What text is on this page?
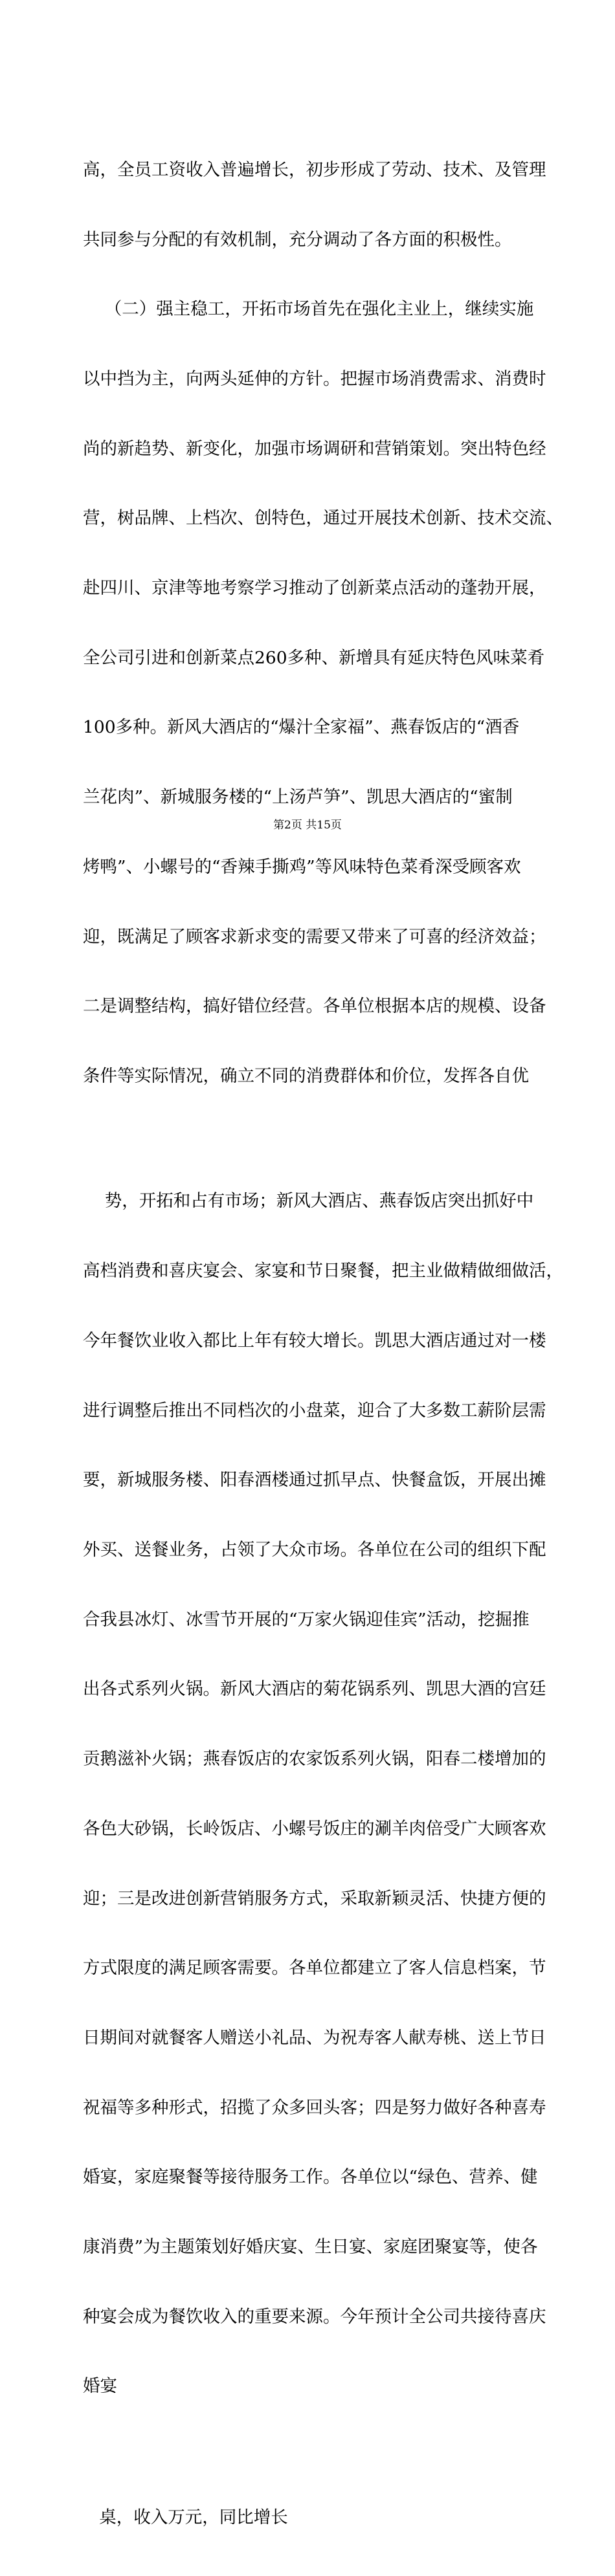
高，全员工资收入普遍增长，初步形成了劳动、技术、及管理

共同参与分配的有效机制，充分调动了各方面的积极性。

（二）强主稳工，开拓市场首先在强化主业上，继续实施

以中挡为主，向两头延伸的方针。把握市场消费需求、消费时

尚的新趋势、新变化，加强市场调研和营销策划。突出特色经

营，树品牌、上档次、创特色，通过开展技术创新、技术交流、

赴四川、京津等地考察学习推动了创新菜点活动的蓬勃开展，

全公司引进和创新菜点260多种、新增具有延庆特色风味菜肴

100多种。新风大酒店的“爆汁全家福”、燕春饭店的“酒香

兰花肉”、新城服务楼的“上汤芦笋”、凯思大酒店的“蜜制

烤鸭”、小螺号的“香辣手撕鸡”等风味特色菜肴深受顾客欢

迎，既满足了顾客求新求变的需要又带来了可喜的经济效益；

二是调整结构，搞好错位经营。各单位根据本店的规模、设备

条件等实际情况，确立不同的消费群体和价位，发挥各自优

势，开拓和占有市场；新风大酒店、燕春饭店突出抓好中

高档消费和喜庆宴会、家宴和节日聚餐，把主业做精做细做活，

今年餐饮业收入都比上年有较大增长。凯思大酒店通过对一楼

进行调整后推出不同档次的小盘菜，迎合了大多数工薪阶层需

要，新城服务楼、阳春酒楼通过抓早点、快餐盒饭，开展出摊

外买、送餐业务，占领了大众市场。各单位在公司的组织下配

合我县冰灯、冰雪节开展的“万家火锅迎佳宾”活动，挖掘推

出各式系列火锅。新风大酒店的菊花锅系列、凯思大酒的宫廷

贡鹅滋补火锅；燕春饭店的农家饭系列火锅，阳春二楼增加的

各色大砂锅，长岭饭店、小螺号饭庄的涮羊肉倍受广大顾客欢

迎；三是改进创新营销服务方式，采取新颖灵活、快捷方便的

方式限度的满足顾客需要。各单位都建立了客人信息档案，节

日期间对就餐客人赠送小礼品、为祝寿客人献寿桃、送上节日

祝福等多种形式，招揽了众多回头客；四是努力做好各种喜寿

婚宴，家庭聚餐等接待服务工作。各单位以“绿色、营养、健

康消费”为主题策划好婚庆宴、生日宴、家庭团聚宴等，使各

种宴会成为餐饮收入的重要来源。今年预计全公司共接待喜庆

婚宴

桌，收入万元，同比增长

第2页 共15页
